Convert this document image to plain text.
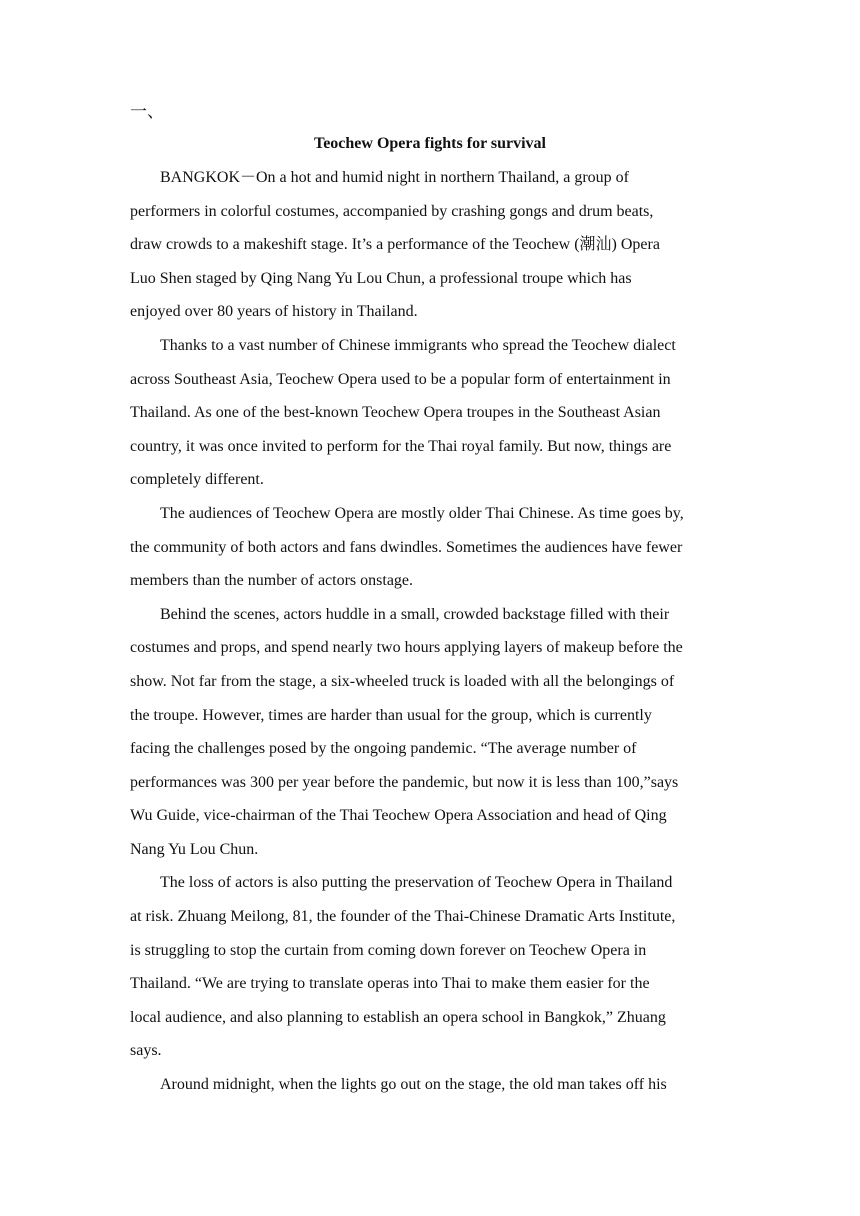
一、
Teochew Opera fights for survival
BANGKOK－On a hot and humid night in northern Thailand, a group of
performers in colorful costumes, accompanied by crashing gongs and drum beats,
draw crowds to a makeshift stage. It’s a performance of the Teochew (潮汕) Opera
Luo Shen staged by Qing Nang Yu Lou Chun, a professional troupe which has
enjoyed over 80 years of history in Thailand.
Thanks to a vast number of Chinese immigrants who spread the Teochew dialect
across Southeast Asia, Teochew Opera used to be a popular form of entertainment in
Thailand. As one of the best-known Teochew Opera troupes in the Southeast Asian
country, it was once invited to perform for the Thai royal family. But now, things are
completely different.
The audiences of Teochew Opera are mostly older Thai Chinese. As time goes by,
the community of both actors and fans dwindles. Sometimes the audiences have fewer
members than the number of actors onstage.
Behind the scenes, actors huddle in a small, crowded backstage filled with their
costumes and props, and spend nearly two hours applying layers of makeup before the
show. Not far from the stage, a six-wheeled truck is loaded with all the belongings of
the troupe. However, times are harder than usual for the group, which is currently
facing the challenges posed by the ongoing pandemic. “The average number of
performances was 300 per year before the pandemic, but now it is less than 100,”says
Wu Guide, vice-chairman of the Thai Teochew Opera Association and head of Qing
Nang Yu Lou Chun.
The loss of actors is also putting the preservation of Teochew Opera in Thailand
at risk. Zhuang Meilong, 81, the founder of the Thai-Chinese Dramatic Arts Institute,
is struggling to stop the curtain from coming down forever on Teochew Opera in
Thailand. “We are trying to translate operas into Thai to make them easier for the
local audience, and also planning to establish an opera school in Bangkok,” Zhuang
says.
Around midnight, when the lights go out on the stage, the old man takes off his
